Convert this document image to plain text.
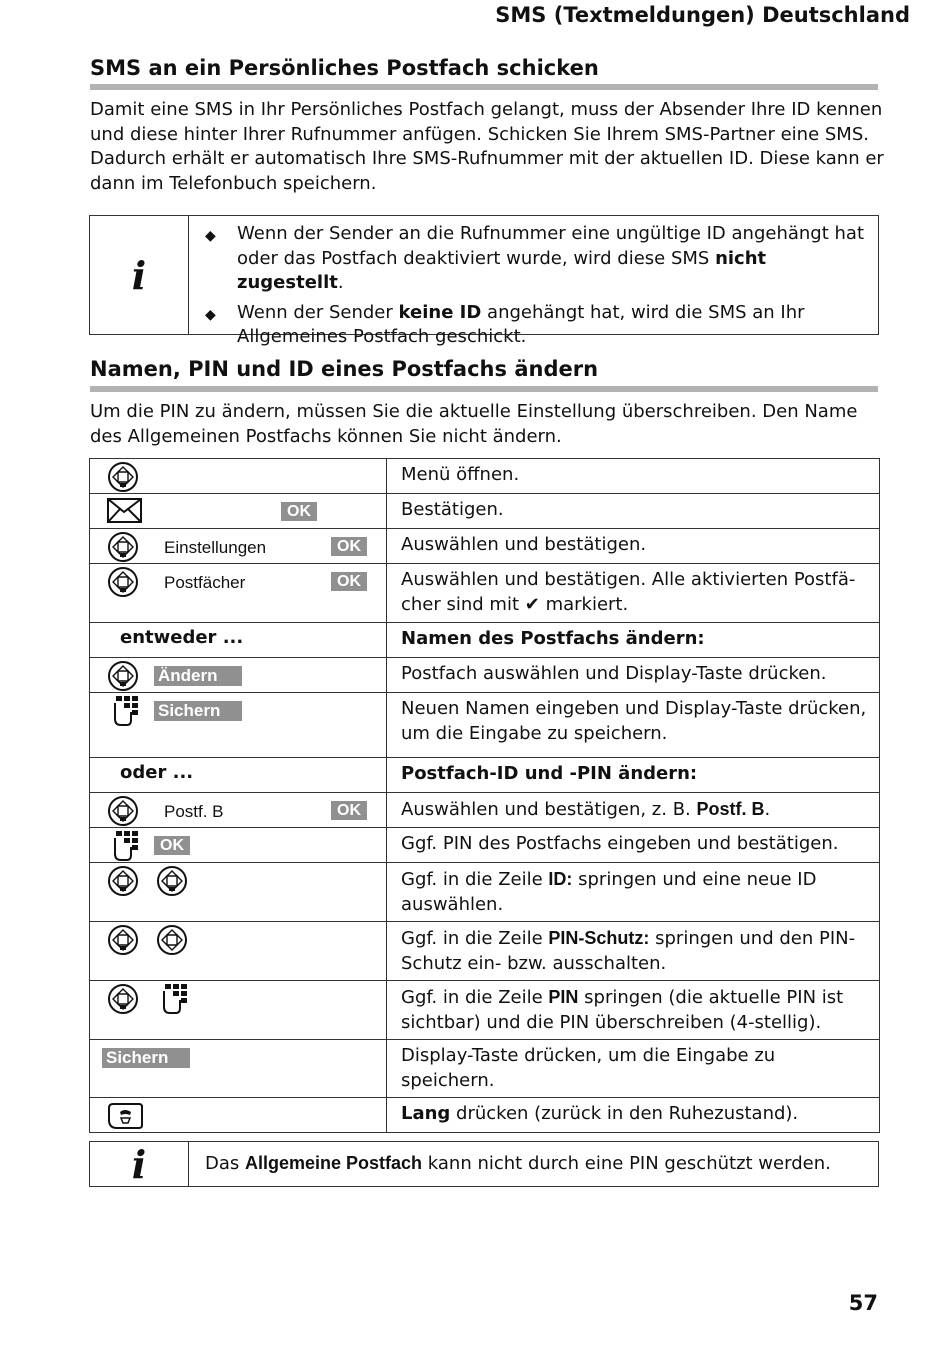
SMS (Textmeldungen) Deutschland
SMS an ein Persönliches Postfach schicken
Damit eine SMS in Ihr Persönliches Postfach gelangt, muss der Absender Ihre ID kennen und diese hinter Ihrer Rufnummer anfügen. Schicken Sie Ihrem SMS-Partner eine SMS. Dadurch erhält er automatisch Ihre SMS-Rufnummer mit der aktuellen ID. Diese kann er dann im Telefonbuch speichern.
i
◆	Wenn der Sender an die Rufnummer eine ungültige ID angehängt hat oder das Postfach deaktiviert wurde, wird diese SMS nicht zugestellt.
◆	Wenn der Sender keine ID angehängt hat, wird die SMS an Ihr Allgemeines Postfach geschickt.
Namen, PIN und ID eines Postfachs ändern
Um die PIN zu ändern, müssen Sie die aktuelle Einstellung überschreiben. Den Name des Allgemeinen Postfachs können Sie nicht ändern.
	Menü öffnen.

OK	Bestätigen.

Einstellungen OK	Auswählen und bestätigen.

Postfächer OK	Auswählen und bestätigen. Alle aktivierten Postfä-cher sind mit ✔ markiert.

entweder ...	Namen des Postfachs ändern:

Ändern	Postfach auswählen und Display-Taste drücken.

Sichern	Neuen Namen eingeben und Display-Taste drücken, um die Eingabe zu speichern.

oder ...	Postfach-ID und -PIN ändern:

Postf. B OK	Auswählen und bestätigen, z. B. Postf. B.

OK	Ggf. PIN des Postfachs eingeben und bestätigen.

	Ggf. in die Zeile ID: springen und eine neue ID auswählen.

	Ggf. in die Zeile PIN-Schutz: springen und den PIN-Schutz ein- bzw. ausschalten.

	Ggf. in die Zeile PIN springen (die aktuelle PIN ist sichtbar) und die PIN überschreiben (4-stellig).

Sichern	Display-Taste drücken, um die Eingabe zu speichern.

	Lang drücken (zurück in den Ruhezustand).
i	Das Allgemeine Postfach kann nicht durch eine PIN geschützt werden.
57
